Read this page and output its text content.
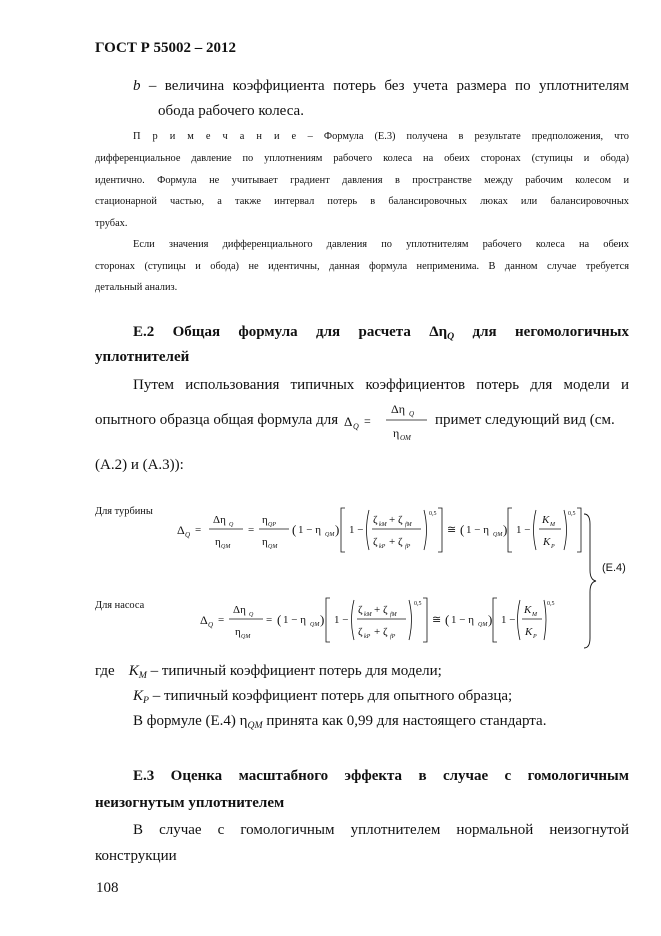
ГОСТ Р 55002 – 2012
b – величина коэффициента потерь без учета размера по уплотнителям
обода рабочего колеса.
П р и м е ч а н и е – Формула (Е.3) получена в результате предположения, что
дифференциальное давление по уплотнениям рабочего колеса на обеих сторонах (ступицы и обода)
идентично. Формула не учитывает градиент давления в пространстве между рабочим колесом и
стационарной частью, а также интервал потерь в балансировочных люках или балансировочных
трубах.
Если значения дифференциального давления по уплотнителям рабочего колеса на обеих
сторонах (ступицы и обода) не идентичны, данная формула неприменима. В данном случае требуется
детальный анализ.
Е.2 Общая формула для расчета $\Delta\eta_Q$ для негомологичных
уплотнителей
Путем использования типичных коэффициентов потерь для модели и
опытного образца общая формула для Δ Q =
Δη Q
η QM
примет следующий вид (см.
(А.2) и (А.3)):
Для турбины
Δ Q =
Δη Q
η QM
=
η QP
η QM
( 1 − η QM ) 1 −
ζ kM + ζ fM
ζ kP + ζ fP
0,5
≅ ( 1 − η QM ) 1 −
K M
K P
0,5
(Е.4)
Для насоса
Δ Q =
Δη Q
η QM
= ( 1 − η QM ) 1 −
ζ kM + ζ fM
ζ kP + ζ fP
0,5
≅ ( 1 − η QM ) 1 −
K M
K P
0,5
где $K_M$ – типичный коэффициент потерь для модели;
$K_P$ – типичный коэффициент потерь для опытного образца;
В формуле (Е.4) $\eta_{QM}$ принята как 0,99 для настоящего стандарта.
Е.3 Оценка масштабного эффекта в случае с гомологичным
неизогнутым уплотнителем
В случае с гомологичным уплотнителем нормальной неизогнутой
конструкции
108
